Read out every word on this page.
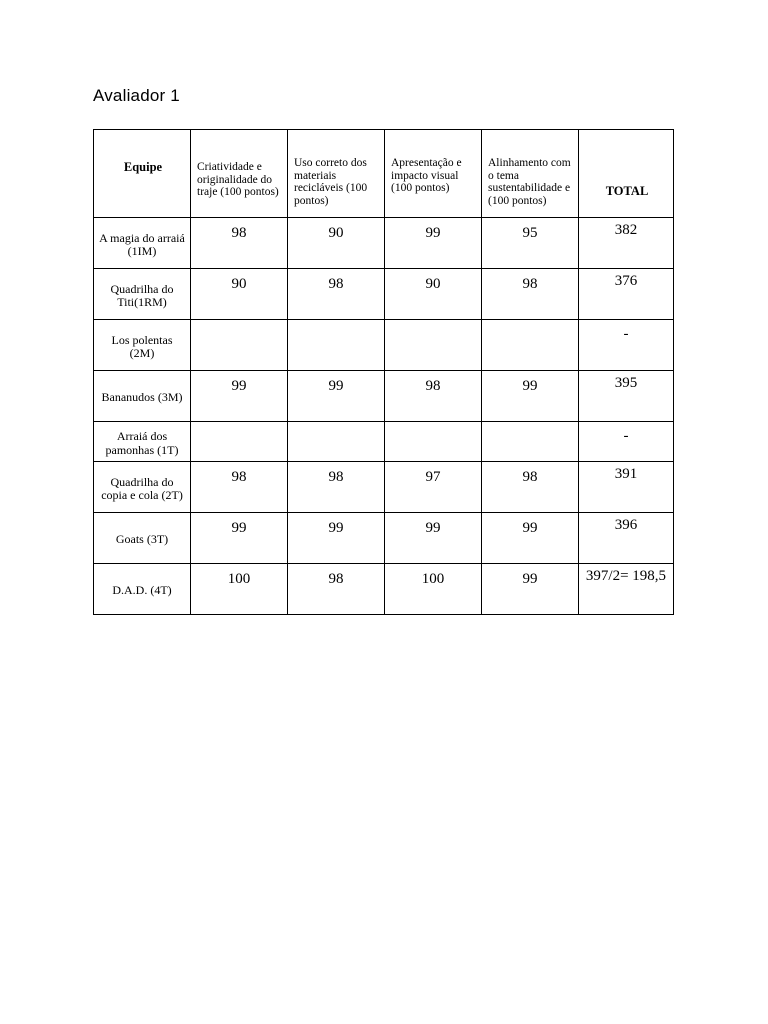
Avaliador 1
Equipe	Criatividade e originalidade do traje (100 pontos)	Uso correto dos materiais recicláveis (100 pontos)	Apresentação e impacto visual (100 pontos)	Alinhamento com o tema sustentabilidade e (100 pontos)	TOTAL
A magia do arraiá (1IM)	98	90	99	95	382
Quadrilha do Titi(1RM)	90	98	90	98	376
Los polentas (2M)					-
Bananudos (3M)	99	99	98	99	395
Arraiá dos pamonhas (1T)					-
Quadrilha do copia e cola (2T)	98	98	97	98	391
Goats (3T)	99	99	99	99	396
D.A.D. (4T)	100	98	100	99	397/2= 198,5
